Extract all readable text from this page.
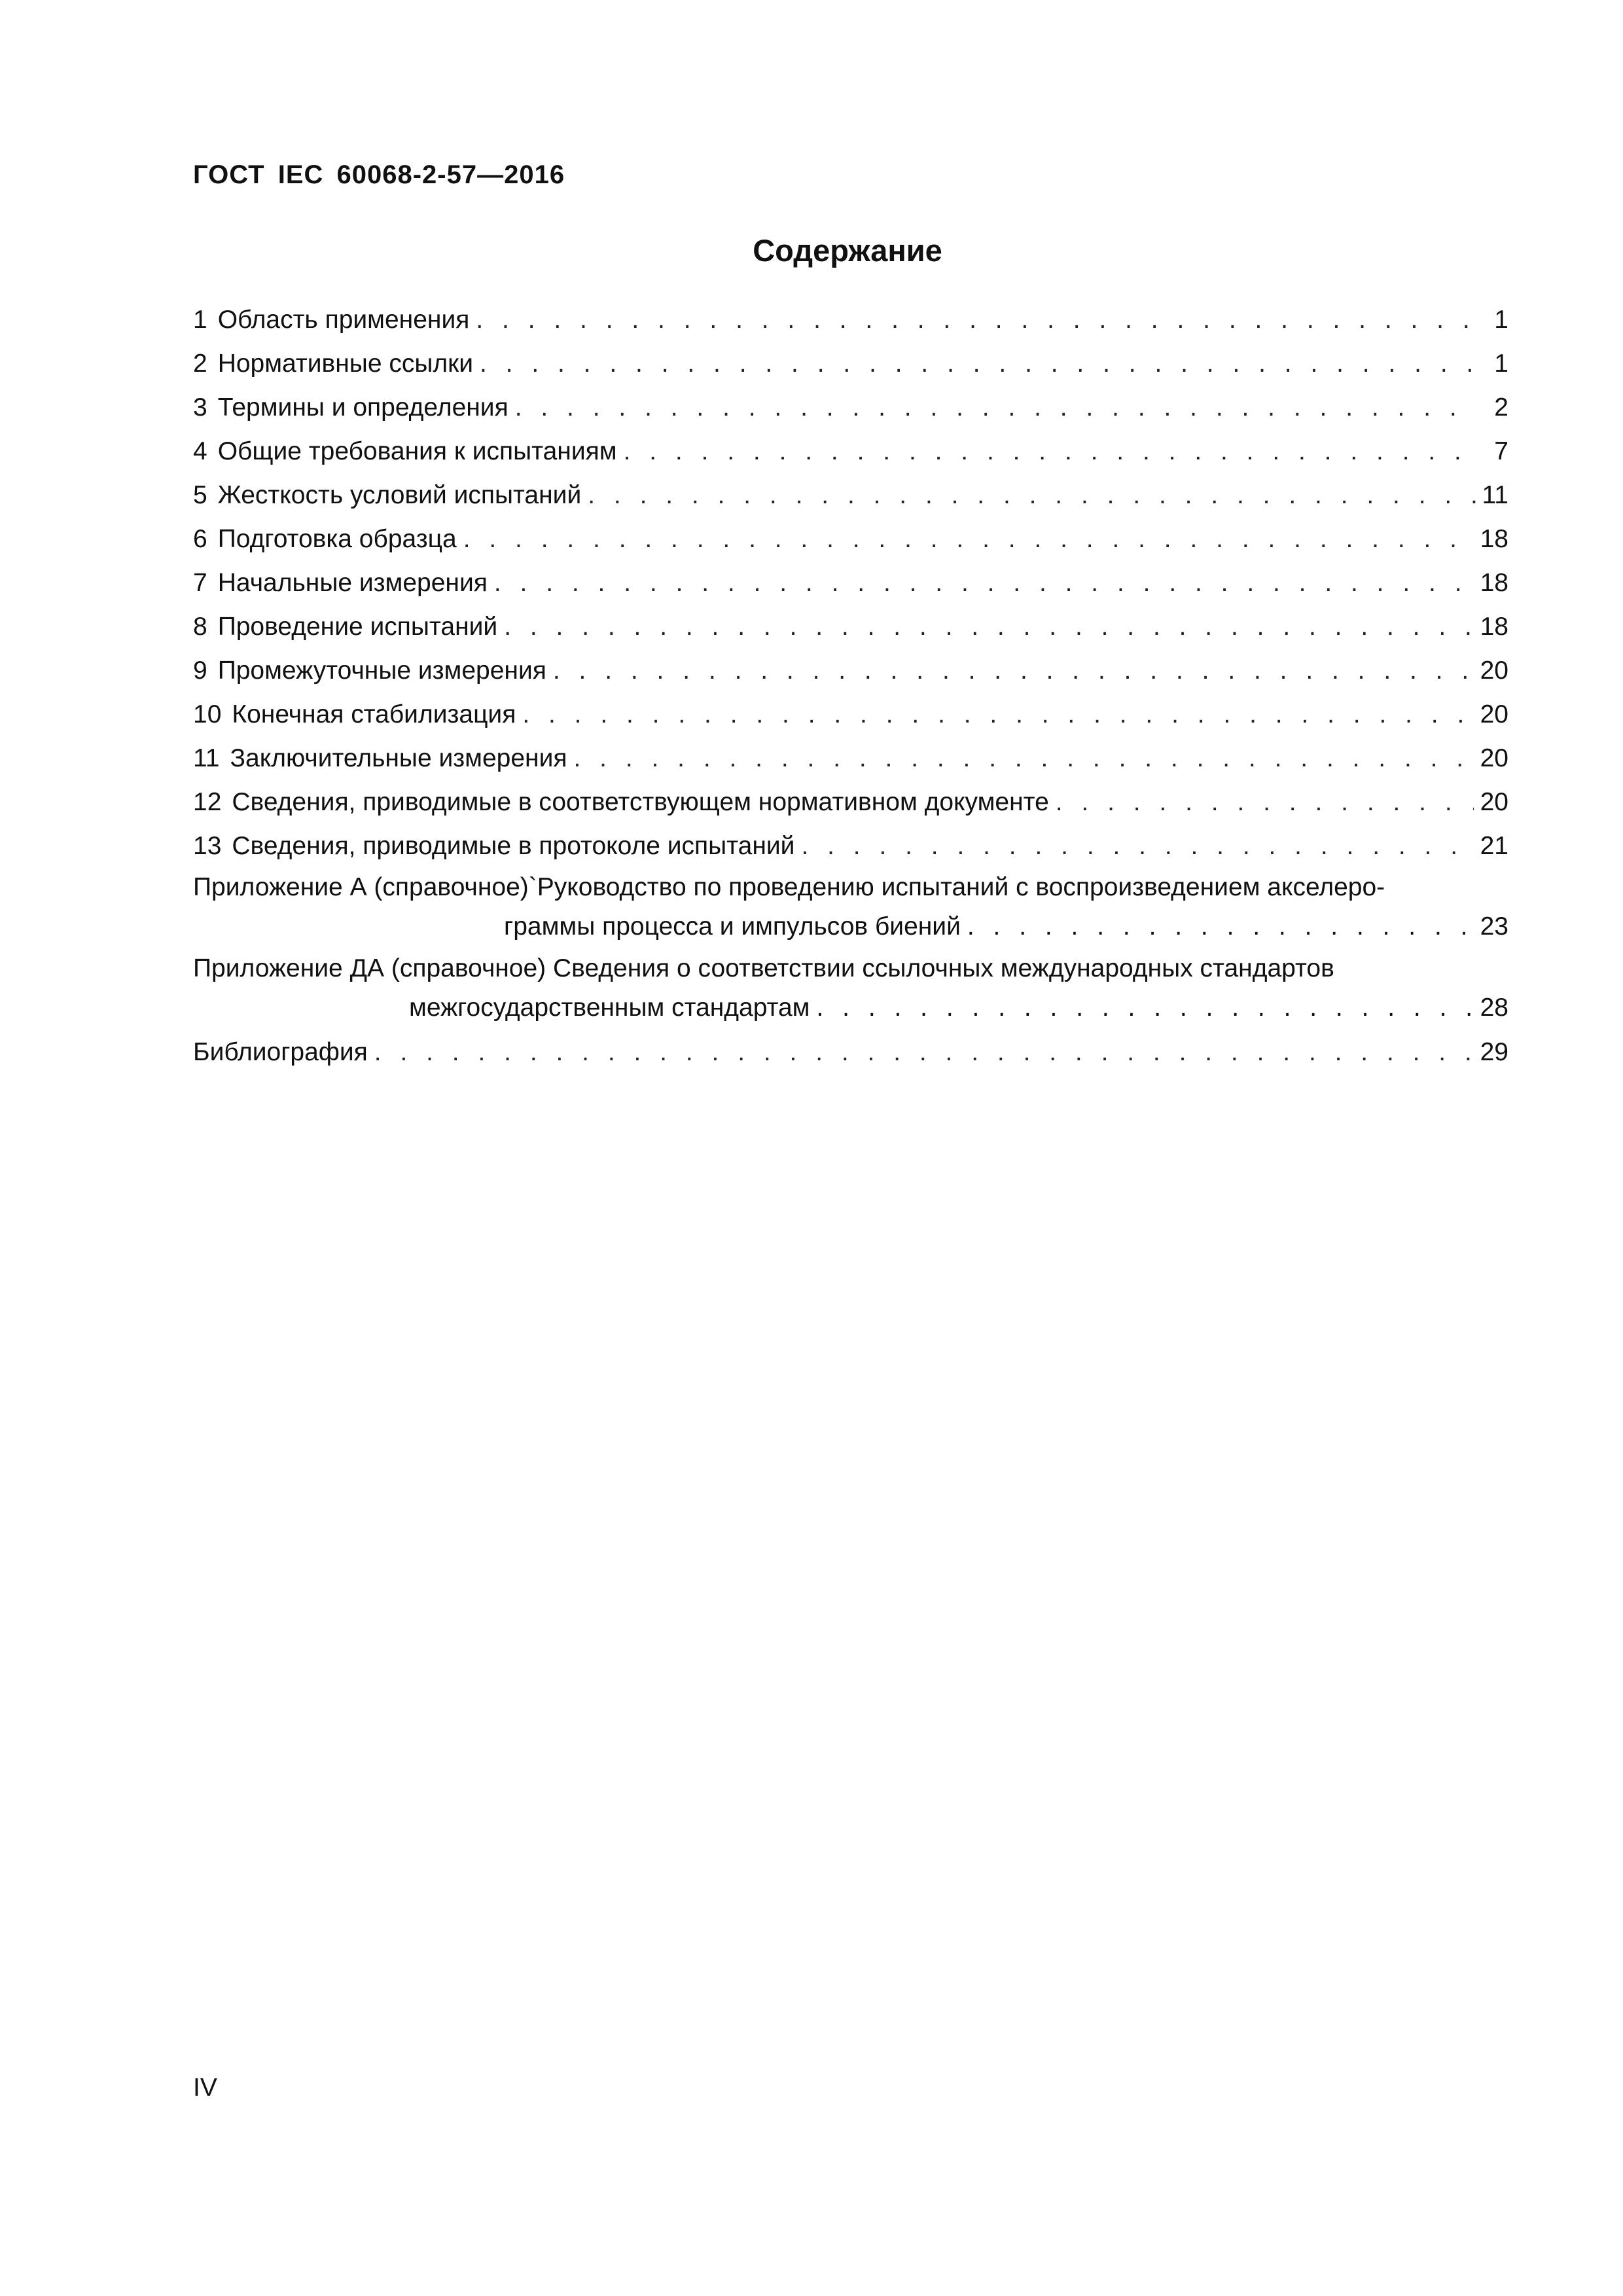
ГОСТ IEC 60068-2-57—2016
Содержание
1 Область применения . . .	1
2 Нормативные ссылки . . .	1
3 Термины и определения . . .	2
4 Общие требования к испытаниям . . .	7
5 Жесткость условий испытаний . . .	11
6 Подготовка образца . . .	18
7 Начальные измерения . . .	18
8 Проведение испытаний . . .	18
9 Промежуточные измерения . . .	20
10 Конечная стабилизация . . .	20
11 Заключительные измерения . . .	20
12 Сведения, приводимые в соответствующем нормативном документе . . .	20
13 Сведения, приводимые в протоколе испытаний . . .	21
Приложение А (справочное)`Руководство по проведению испытаний с воспроизведением акселеро-
граммы процесса и импульсов биений . . .	23
Приложение ДА (справочное) Сведения о соответствии ссылочных международных стандартов
межгосударственным стандартам . . .	28
Библиография . . .	29
IV
